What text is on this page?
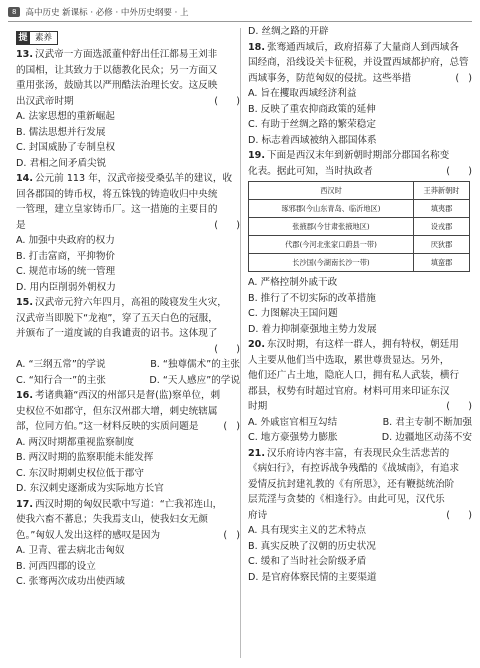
8	高中历史 新课标 · 必修 · 中外历史纲要 · 上
提 素养
13. 汉武帝一方面选派董仲舒出任江都易王刘非
的国相，让其致力于以德教化民众；另一方面又
重用张汤，鼓励其以严刑酷法治理长安。这反映
出汉武帝时期	(      )
A. 法家思想的重新崛起
B. 儒法思想并行发展
C. 封国威胁了专制皇权
D. 君相之间矛盾尖锐
14. 公元前 113 年，汉武帝接受桑弘羊的建议，收
回各郡国的铸币权，将五铢钱的铸造收归中央统
一管理，建立皇家铸币厂。这一措施的主要目的
是	(      )
A. 加强中央政府的权力
B. 打击富商，平抑物价
C. 规范市场的统一管理
D. 用内臣削弱外朝权力
15. 汉武帝元狩六年四月，高祖的陵寝发生火灾，
汉武帝当即脱下“龙袍”，穿了五天白色的冠服，
并颁布了一道度诚的自我谴责的诏书。这体现了
(      )
A. “三纲五常”的学说	B. “独尊儒术”的主张
C. “知行合一”的主张	D. “天人感应”的学说
16. 考诸典籍“西汉的州部只是督(监)察单位，刺
史权位不如郡守，但东汉州郡大增，刺史统辖属
部，位同方伯。”这一材料反映的实质问题是	(   )
A. 两汉时期都重视监察制度
B. 两汉时期的监察职能未能发挥
C. 东汉时期刺史权位低于郡守
D. 东汉刺史逐渐成为实际地方长官
17. 西汉时期的匈奴民歌中写道：“亡我祁连山，
使我六畜不蕃息；失我焉支山，使我妇女无颜
色。”匈奴人发出这样的感叹是因为	(   )
A. 卫青、霍去病北击匈奴
B. 河西四郡的设立
C. 张骞两次成功出使西域
D. 丝绸之路的开辟
18. 张骞通西域后，政府招募了大量商人到西域各
国经商，沿线设关卡征税，并设置西域都护府，总管
西域事务，防范匈奴的侵扰。这些举措	(   )
A. 旨在攫取西域经济利益
B. 反映了重农抑商政策的延伸
C. 有助于丝绸之路的繁荣稳定
D. 标志着西域被纳入郡国体系
19. 下面是西汉末年到新朝时期部分郡国名称变
化表。据此可知，当时执政者	(      )
西汉时	王莽新朝时
琢邪郡(今山东青岛、临沂地区)	填夷郡
张掖郡(今甘肃张掖地区)	设戎郡
代郡(今河北张家口蔚县一带)	厌狄郡
长沙国(今湖南长沙一带)	填蛮郡
A. 严格控制外戚干政
B. 推行了不切实际的改革措施
C. 力图解决王国问题
D. 着力抑制豪强地主势力发展
20. 东汉时期，有这样一群人，拥有特权，朝廷用
人主要从他们当中选取，累世尊贵显达。另外，
他们还广占土地，隐庇人口，拥有私人武装，横行
郡县，权势有时超过官府。材料可用来印证东汉
时期	(      )
A. 外戚宦官相互勾结	B. 君主专制不断加强
C. 地方豪强势力膨胀	D. 边疆地区动荡不安
21. 汉乐府诗内容丰富，有表现民众生活悲苦的
《病妇行》，有控诉战争残酷的《战城南》，有追求
爱情反抗封建礼教的《有所思》，还有鞭挞统治阶
层荒淫与贪婪的《相逢行》。由此可见，汉代乐
府诗	(      )
A. 具有现实主义的艺术特点
B. 真实反映了汉朝的历史状况
C. 缓和了当时社会阶级矛盾
D. 是官府体察民情的主要渠道
